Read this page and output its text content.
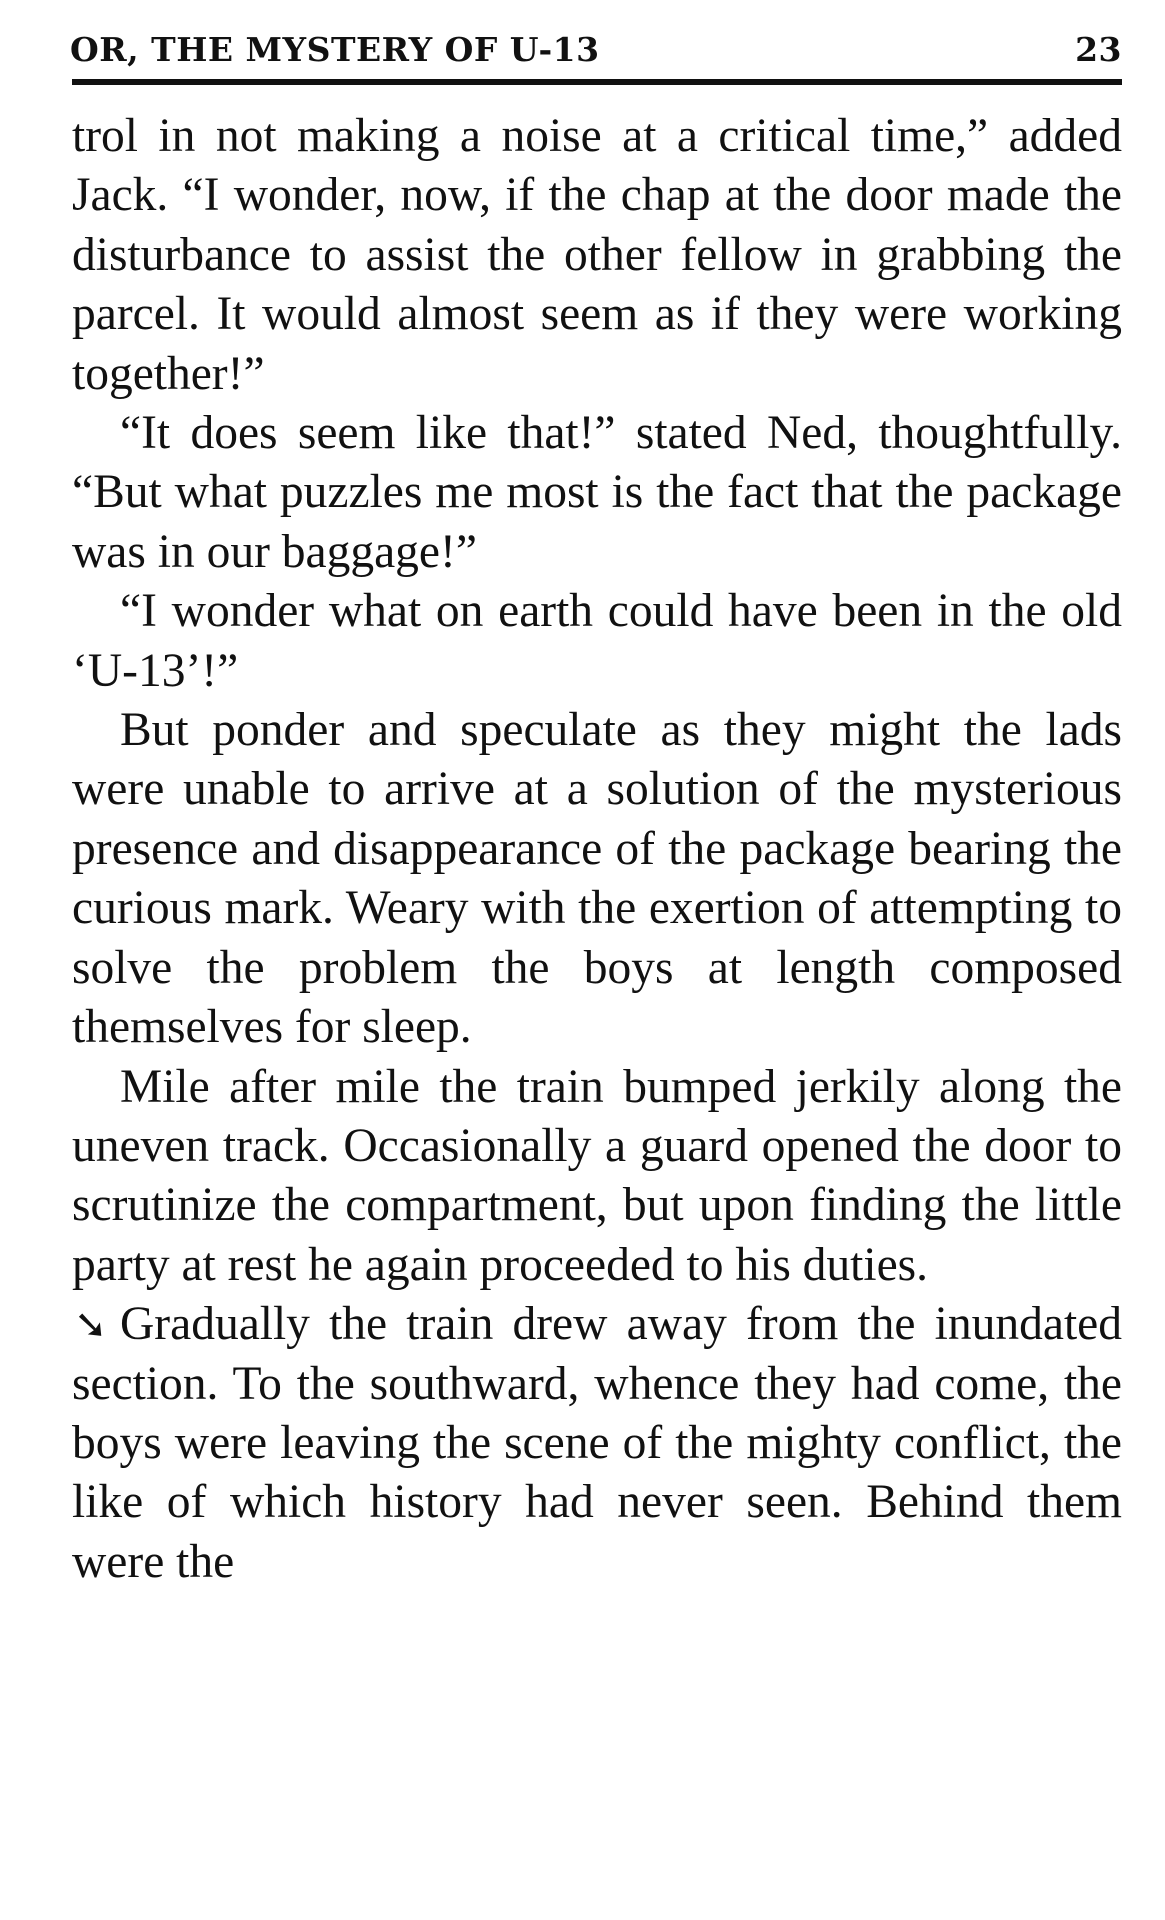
OR, THE MYSTERY OF U-13	23

trol in not making a noise at a critical time,” added Jack. “I wonder, now, if the chap at the door made the disturbance to assist the other fellow in grabbing the parcel. It would almost seem as if they were working together!”

“It does seem like that!” stated Ned, thoughtfully. “But what puzzles me most is the fact that the package was in our baggage!”

“I wonder what on earth could have been in the old ‘U-13’!”

But ponder and speculate as they might the lads were unable to arrive at a solution of the mysterious presence and disappearance of the package bearing the curious mark. Weary with the exertion of attempting to solve the problem the boys at length composed themselves for sleep.

Mile after mile the train bumped jerkily along the uneven track. Occasionally a guard opened the door to scrutinize the compartment, but upon finding the little party at rest he again proceeded to his duties.

➘ Gradually the train drew away from the inundated section. To the southward, whence they had come, the boys were leaving the scene of the mighty conflict, the like of which history had never seen. Behind them were the
